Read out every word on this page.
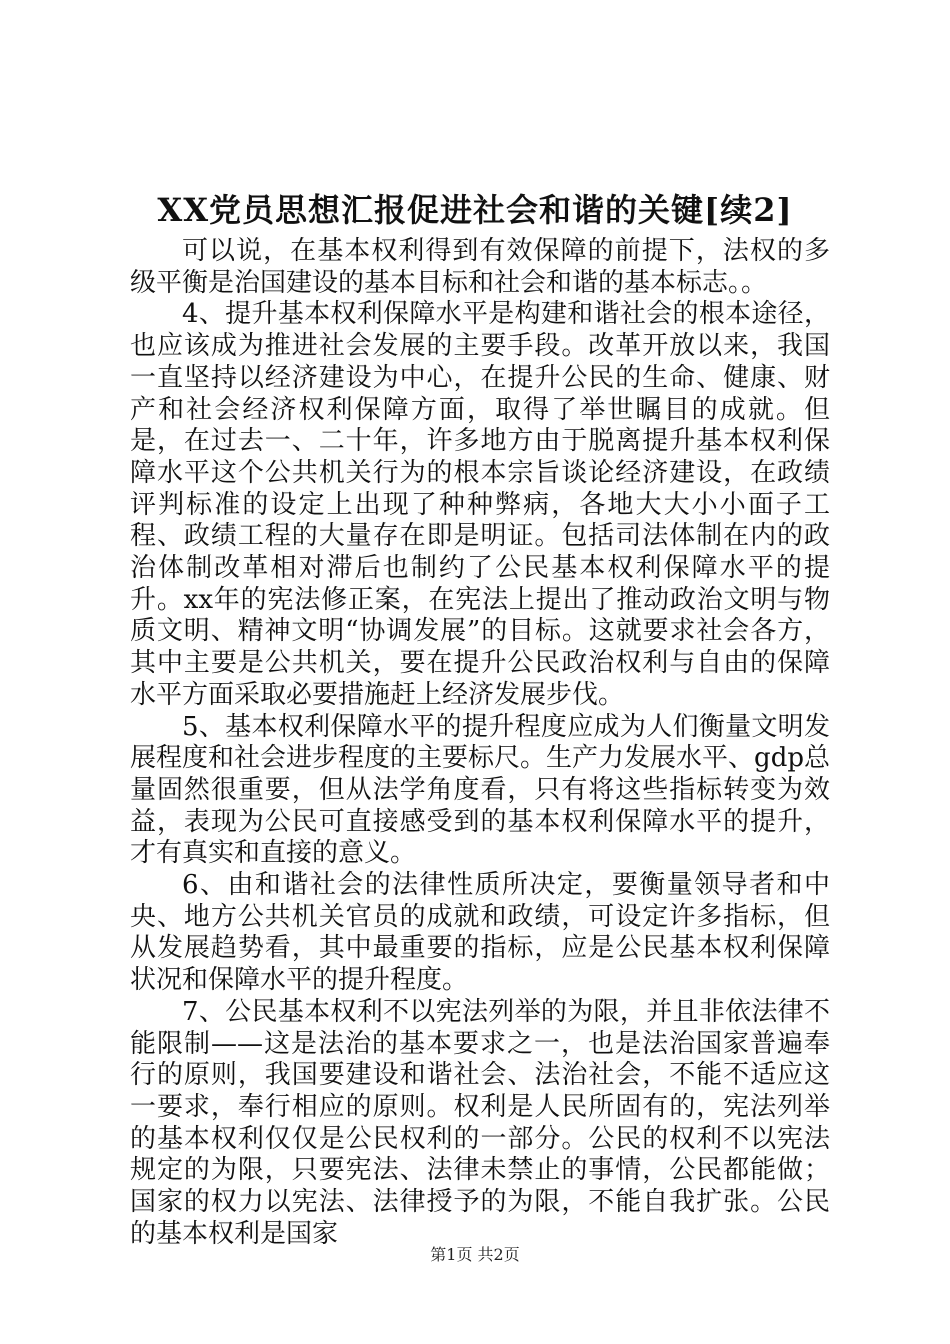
XX党员思想汇报促进社会和谐的关键[续2]

可以说，在基本权利得到有效保障的前提下，法权的多级平衡是治国建设的基本目标和社会和谐的基本标志。。

4、提升基本权利保障水平是构建和谐社会的根本途径，也应该成为推进社会发展的主要手段。改革开放以来，我国一直坚持以经济建设为中心，在提升公民的生命、健康、财产和社会经济权利保障方面，取得了举世瞩目的成就。但是，在过去一、二十年，许多地方由于脱离提升基本权利保障水平这个公共机关行为的根本宗旨谈论经济建设，在政绩评判标准的设定上出现了种种弊病，各地大大小小面子工程、政绩工程的大量存在即是明证。包括司法体制在内的政治体制改革相对滞后也制约了公民基本权利保障水平的提升。xx年的宪法修正案，在宪法上提出了推动政治文明与物质文明、精神文明“协调发展”的目标。这就要求社会各方，其中主要是公共机关，要在提升公民政治权利与自由的保障水平方面采取必要措施赶上经济发展步伐。

5、基本权利保障水平的提升程度应成为人们衡量文明发展程度和社会进步程度的主要标尺。生产力发展水平、gdp总量固然很重要，但从法学角度看，只有将这些指标转变为效益，表现为公民可直接感受到的基本权利保障水平的提升，才有真实和直接的意义。

6、由和谐社会的法律性质所决定，要衡量领导者和中央、地方公共机关官员的成就和政绩，可设定许多指标，但从发展趋势看，其中最重要的指标，应是公民基本权利保障状况和保障水平的提升程度。

7、公民基本权利不以宪法列举的为限，并且非依法律不能限制——这是法治的基本要求之一，也是法治国家普遍奉行的原则，我国要建设和谐社会、法治社会，不能不适应这一要求，奉行相应的原则。权利是人民所固有的，宪法列举的基本权利仅仅是公民权利的一部分。公民的权利不以宪法规定的为限，只要宪法、法律未禁止的事情，公民都能做；国家的权力以宪法、法律授予的为限，不能自我扩张。公民的基本权利是国家

第1页 共2页
